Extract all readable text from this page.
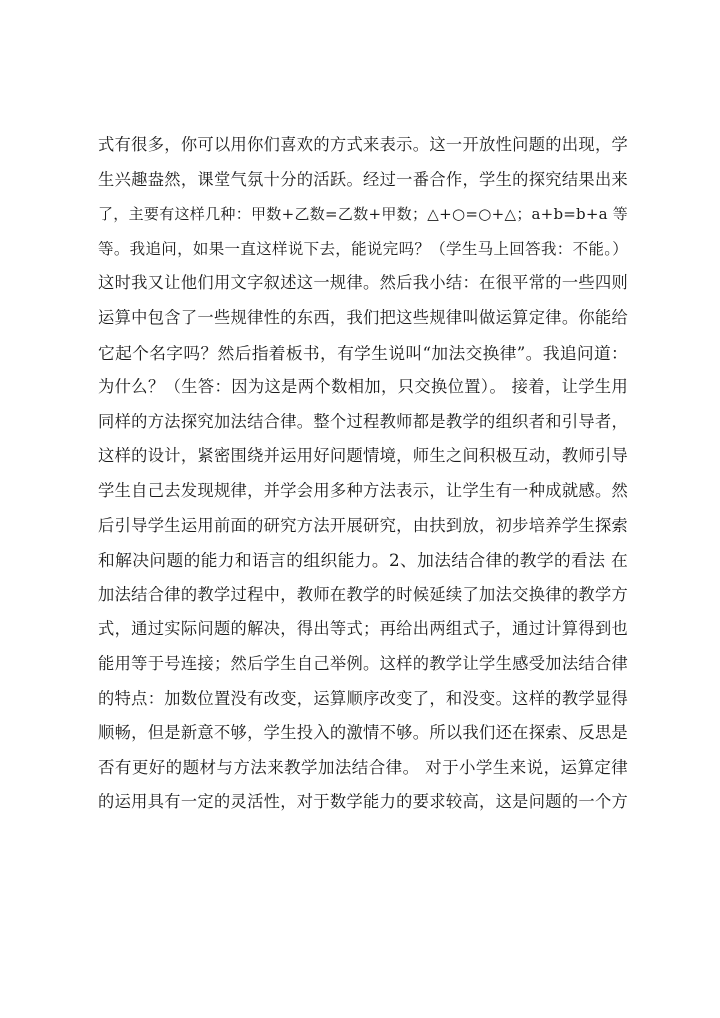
式有很多，你可以用你们喜欢的方式来表示。这一开放性问题的出现，学
生兴趣盎然，课堂气氛十分的活跃。经过一番合作，学生的探究结果出来
了，主要有这样几种：甲数+乙数=乙数+甲数；△+○=○+△；a+b=b+a 等
等。我追问，如果一直这样说下去，能说完吗？（学生马上回答我：不能。）
这时我又让他们用文字叙述这一规律。然后我小结：在很平常的一些四则
运算中包含了一些规律性的东西，我们把这些规律叫做运算定律。你能给
它起个名字吗？然后指着板书，有学生说叫“加法交换律”。我追问道：
为什么？（生答：因为这是两个数相加，只交换位置）。 接着，让学生用
同样的方法探究加法结合律。整个过程教师都是教学的组织者和引导者，
这样的设计，紧密围绕并运用好问题情境，师生之间积极互动，教师引导
学生自己去发现规律，并学会用多种方法表示，让学生有一种成就感。然
后引导学生运用前面的研究方法开展研究，由扶到放，初步培养学生探索
和解决问题的能力和语言的组织能力。2、加法结合律的教学的看法 在
加法结合律的教学过程中，教师在教学的时候延续了加法交换律的教学方
式，通过实际问题的解决，得出等式；再给出两组式子，通过计算得到也
能用等于号连接；然后学生自己举例。这样的教学让学生感受加法结合律
的特点：加数位置没有改变，运算顺序改变了，和没变。这样的教学显得
顺畅，但是新意不够，学生投入的激情不够。所以我们还在探索、反思是
否有更好的题材与方法来教学加法结合律。 对于小学生来说，运算定律
的运用具有一定的灵活性，对于数学能力的要求较高，这是问题的一个方
